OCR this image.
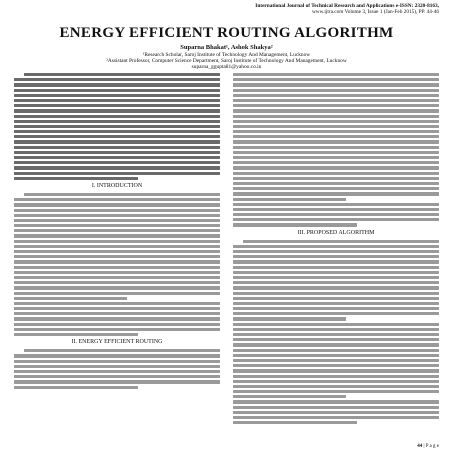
International Journal of Technical Research and Applications e-ISSN: 2320-8163,
www.ijtra.com Volume 3, Issue 1 (Jan-Feb 2015), PP. 44-46
ENERGY EFFICIENT ROUTING ALGORITHM
Suparna Bhakat¹, Ashok Shakya²
¹Research Scholar, Saroj Institute of Technology And Management, Lucknow
²Assistant Professor, Computer Science Department, Saroj Institute of Technology And Management, Lucknow
suparna_ggupta81@yahoo.co.in
I. INTRODUCTION
II. ENERGY EFFICIENT ROUTING
III. PROPOSED ALGORITHM
44 | P a g e
